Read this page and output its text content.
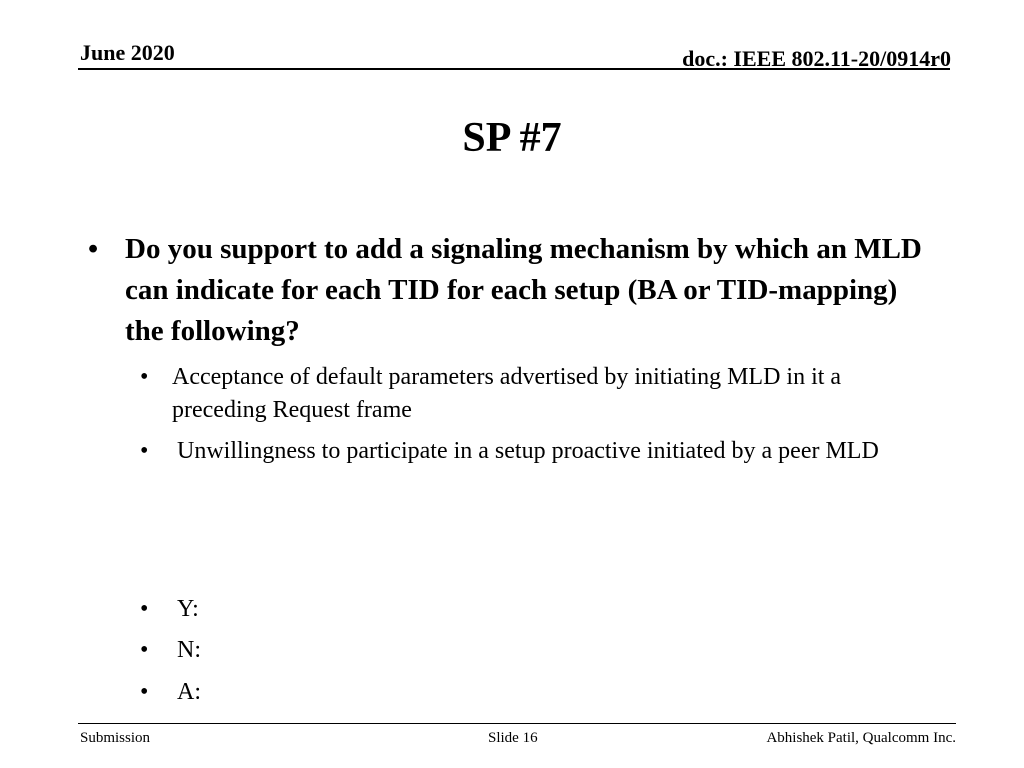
June 2020	doc.: IEEE 802.11-20/0914r0
SP #7
• Do you support to add a signaling mechanism by which an MLD can indicate for each TID for each setup (BA or TID-mapping) the following?
• Acceptance of default parameters advertised by initiating MLD in it a preceding Request frame
• Unwillingness to participate in a setup proactive initiated by a peer MLD
• Y:
• N:
• A:
Submission	Slide 16	Abhishek Patil, Qualcomm Inc.
